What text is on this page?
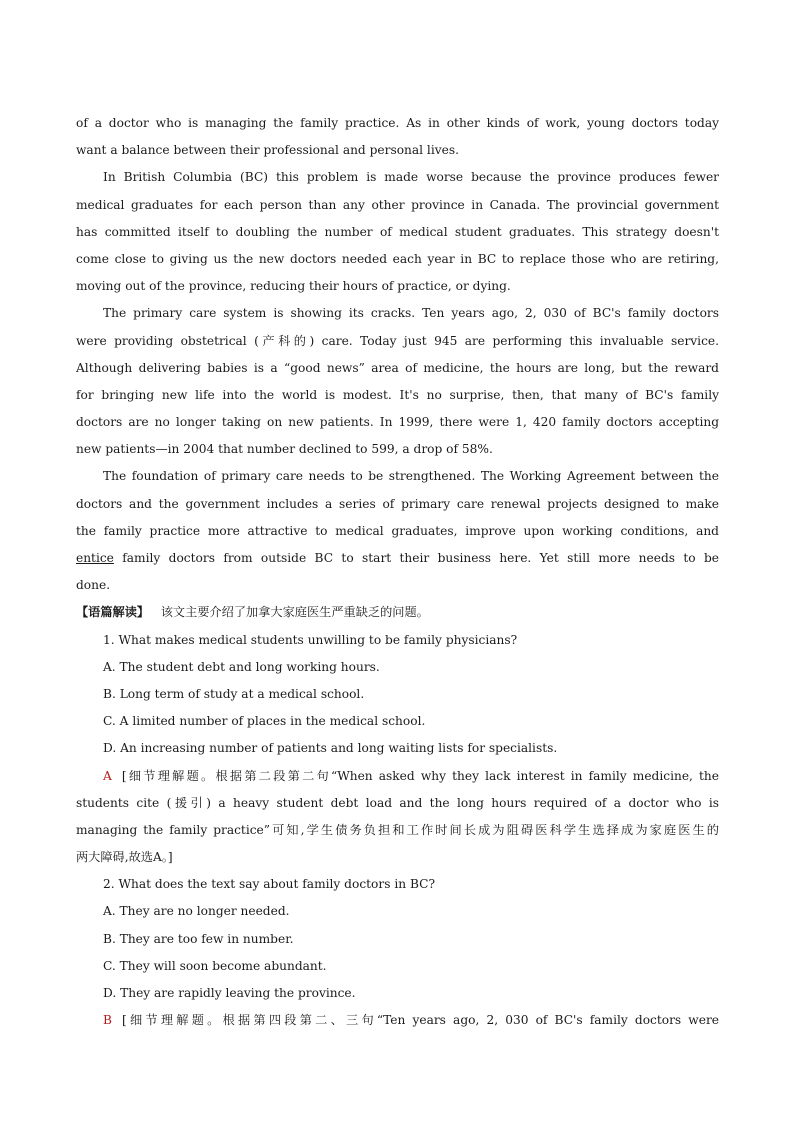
of a doctor who is managing the family practice. As in other kinds of work, young doctors today
want a balance between their professional and personal lives.
In British Columbia (BC) this problem is made worse because the province produces fewer
medical graduates for each person than any other province in Canada. The provincial government
has committed itself to doubling the number of medical student graduates. This strategy doesn't
come close to giving us the new doctors needed each year in BC to replace those who are retiring,
moving out of the province, reducing their hours of practice, or dying.
The primary care system is showing its cracks. Ten years ago, 2, 030 of BC's family doctors
were providing obstetrical (产科的) care. Today just 945 are performing this invaluable service.
Although delivering babies is a “good news” area of medicine, the hours are long, but the reward
for bringing new life into the world is modest. It's no surprise, then, that many of BC's family
doctors are no longer taking on new patients. In 1999, there were 1, 420 family doctors accepting
new patients—in 2004 that number declined to 599, a drop of 58%.
The foundation of primary care needs to be strengthened. The Working Agreement between the
doctors and the government includes a series of primary care renewal projects designed to make
the family practice more attractive to medical graduates, improve upon working conditions, and
entice family doctors from outside BC to start their business here. Yet still more needs to be
done.
【语篇解读】 该文主要介绍了加拿大家庭医生严重缺乏的问题。
1. What makes medical students unwilling to be family physicians?
A. The student debt and long working hours.
B. Long term of study at a medical school.
C. A limited number of places in the medical school.
D. An increasing number of patients and long waiting lists for specialists.
A [细节理解题。根据第二段第二句“When asked why they lack interest in family medicine, the
students cite (援引) a heavy student debt load and the long hours required of a doctor who is
managing the family practice”可知,学生债务负担和工作时间长成为阻碍医科学生选择成为家庭医生的
两大障碍,故选A。]
2. What does the text say about family doctors in BC?
A. They are no longer needed.
B. They are too few in number.
C. They will soon become abundant.
D. They are rapidly leaving the province.
B [细节理解题。根据第四段第二、三句“Ten years ago, 2, 030 of BC's family doctors were
